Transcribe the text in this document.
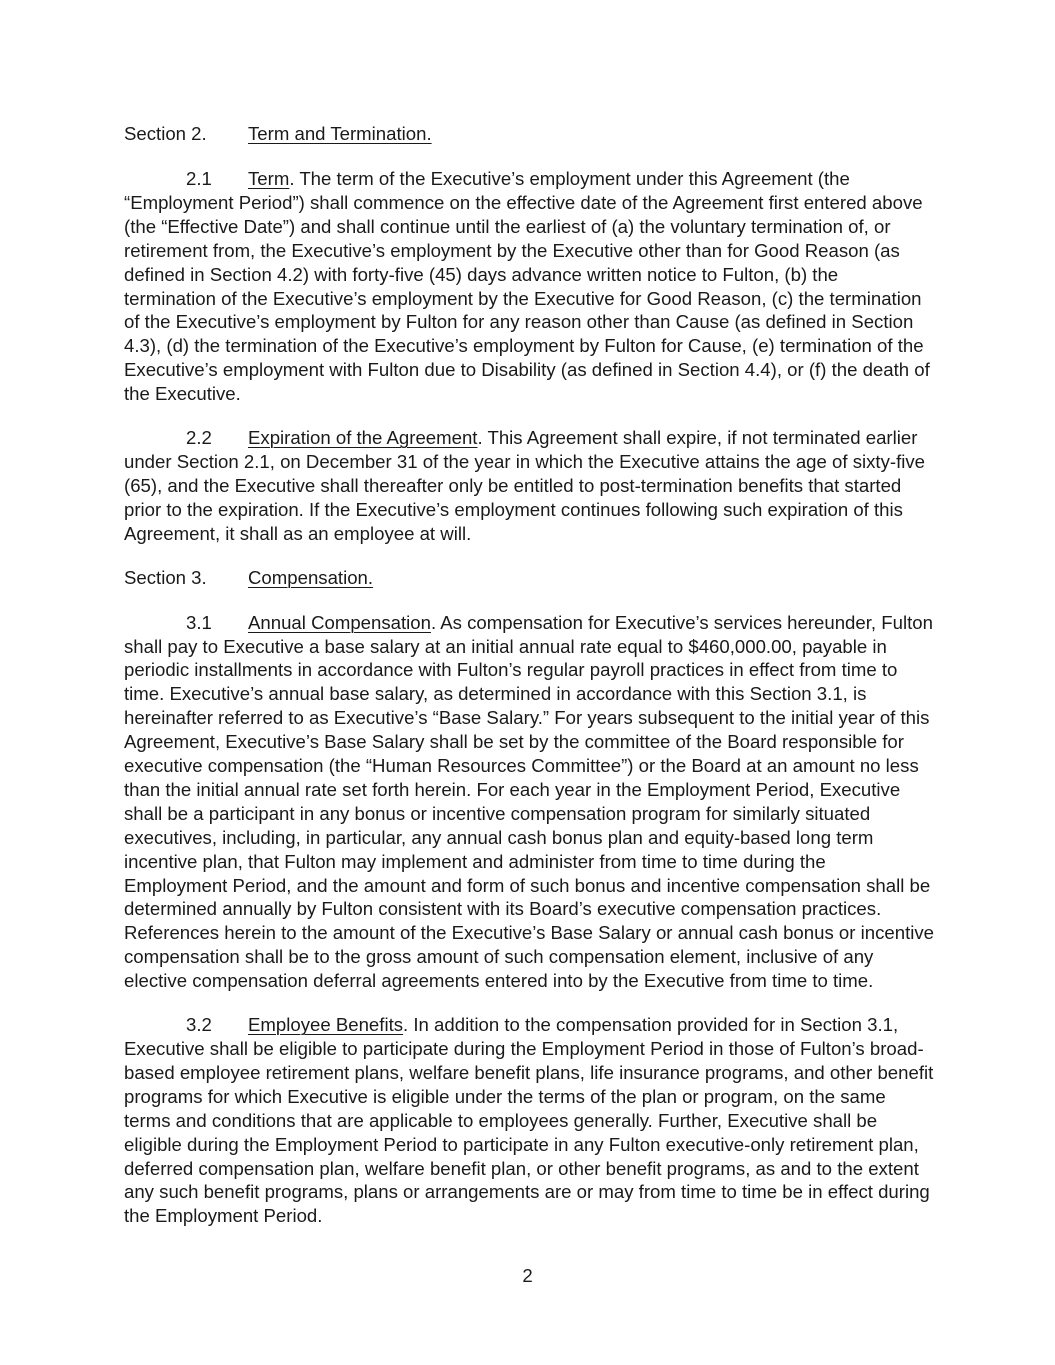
Section 2. Term and Termination.

2.1 Term. The term of the Executive’s employment under this Agreement (the “Employment Period”) shall commence on the effective date of the Agreement first entered above (the “Effective Date”) and shall continue until the earliest of (a) the voluntary termination of, or retirement from, the Executive’s employment by the Executive other than for Good Reason (as defined in Section 4.2) with forty-five (45) days advance written notice to Fulton, (b) the termination of the Executive’s employment by the Executive for Good Reason, (c) the termination of the Executive’s employment by Fulton for any reason other than Cause (as defined in Section 4.3), (d) the termination of the Executive’s employment by Fulton for Cause, (e) termination of the Executive’s employment with Fulton due to Disability (as defined in Section 4.4), or (f) the death of the Executive.

2.2 Expiration of the Agreement. This Agreement shall expire, if not terminated earlier under Section 2.1, on December 31 of the year in which the Executive attains the age of sixty-five (65), and the Executive shall thereafter only be entitled to post-termination benefits that started prior to the expiration. If the Executive’s employment continues following such expiration of this Agreement, it shall as an employee at will.

Section 3. Compensation.

3.1 Annual Compensation. As compensation for Executive’s services hereunder, Fulton shall pay to Executive a base salary at an initial annual rate equal to $460,000.00, payable in periodic installments in accordance with Fulton’s regular payroll practices in effect from time to time. Executive’s annual base salary, as determined in accordance with this Section 3.1, is hereinafter referred to as Executive’s “Base Salary.” For years subsequent to the initial year of this Agreement, Executive’s Base Salary shall be set by the committee of the Board responsible for executive compensation (the “Human Resources Committee”) or the Board at an amount no less than the initial annual rate set forth herein. For each year in the Employment Period, Executive shall be a participant in any bonus or incentive compensation program for similarly situated executives, including, in particular, any annual cash bonus plan and equity-based long term incentive plan, that Fulton may implement and administer from time to time during the Employment Period, and the amount and form of such bonus and incentive compensation shall be determined annually by Fulton consistent with its Board’s executive compensation practices. References herein to the amount of the Executive’s Base Salary or annual cash bonus or incentive compensation shall be to the gross amount of such compensation element, inclusive of any elective compensation deferral agreements entered into by the Executive from time to time.

3.2 Employee Benefits. In addition to the compensation provided for in Section 3.1, Executive shall be eligible to participate during the Employment Period in those of Fulton’s broad-based employee retirement plans, welfare benefit plans, life insurance programs, and other benefit programs for which Executive is eligible under the terms of the plan or program, on the same terms and conditions that are applicable to employees generally. Further, Executive shall be eligible during the Employment Period to participate in any Fulton executive-only retirement plan, deferred compensation plan, welfare benefit plan, or other benefit programs, as and to the extent any such benefit programs, plans or arrangements are or may from time to time be in effect during the Employment Period.

2
